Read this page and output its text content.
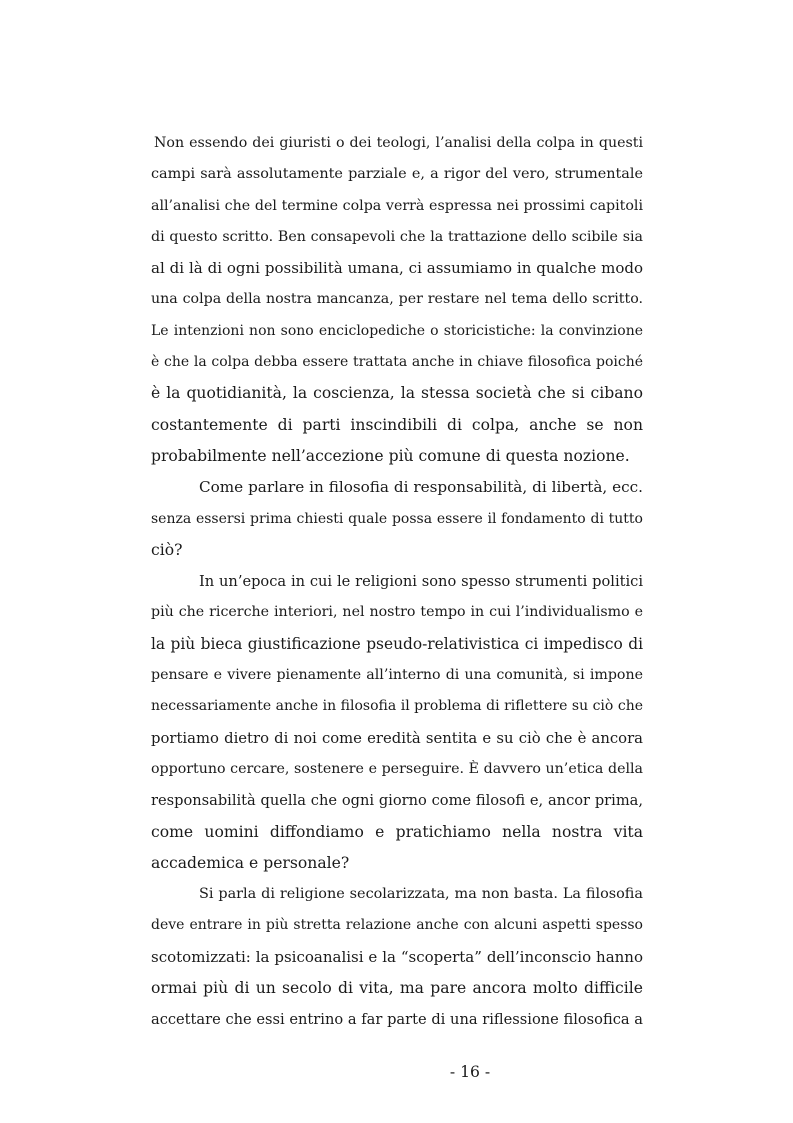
Non essendo dei giuristi o dei teologi, l’analisi della colpa in questi
campi sarà assolutamente parziale e, a rigor del vero, strumentale
all’analisi che del termine colpa verrà espressa nei prossimi capitoli
di questo scritto. Ben consapevoli che la trattazione dello scibile sia
al di là di ogni possibilità umana, ci assumiamo in qualche modo
una colpa della nostra mancanza, per restare nel tema dello scritto.
Le intenzioni non sono enciclopediche o storicistiche: la convinzione
è che la colpa debba essere trattata anche in chiave filosofica poiché
è la quotidianità, la coscienza, la stessa società che si cibano
costantemente di parti inscindibili di colpa, anche se non
probabilmente nell’accezione più comune di questa nozione.
Come parlare in filosofia di responsabilità, di libertà, ecc.
senza essersi prima chiesti quale possa essere il fondamento di tutto
ciò?
In un’epoca in cui le religioni sono spesso strumenti politici
più che ricerche interiori, nel nostro tempo in cui l’individualismo e
la più bieca giustificazione pseudo-relativistica ci impedisco di
pensare e vivere pienamente all’interno di una comunità, si impone
necessariamente anche in filosofia il problema di riflettere su ciò che
portiamo dietro di noi come eredità sentita e su ciò che è ancora
opportuno cercare, sostenere e perseguire. È davvero un’etica della
responsabilità quella che ogni giorno come filosofi e, ancor prima,
come uomini diffondiamo e pratichiamo nella nostra vita
accademica e personale?
Si parla di religione secolarizzata, ma non basta. La filosofia
deve entrare in più stretta relazione anche con alcuni aspetti spesso
scotomizzati: la psicoanalisi e la “scoperta” dell’inconscio hanno
ormai più di un secolo di vita, ma pare ancora molto difficile
accettare che essi entrino a far parte di una riflessione filosofica a
- 16 -
